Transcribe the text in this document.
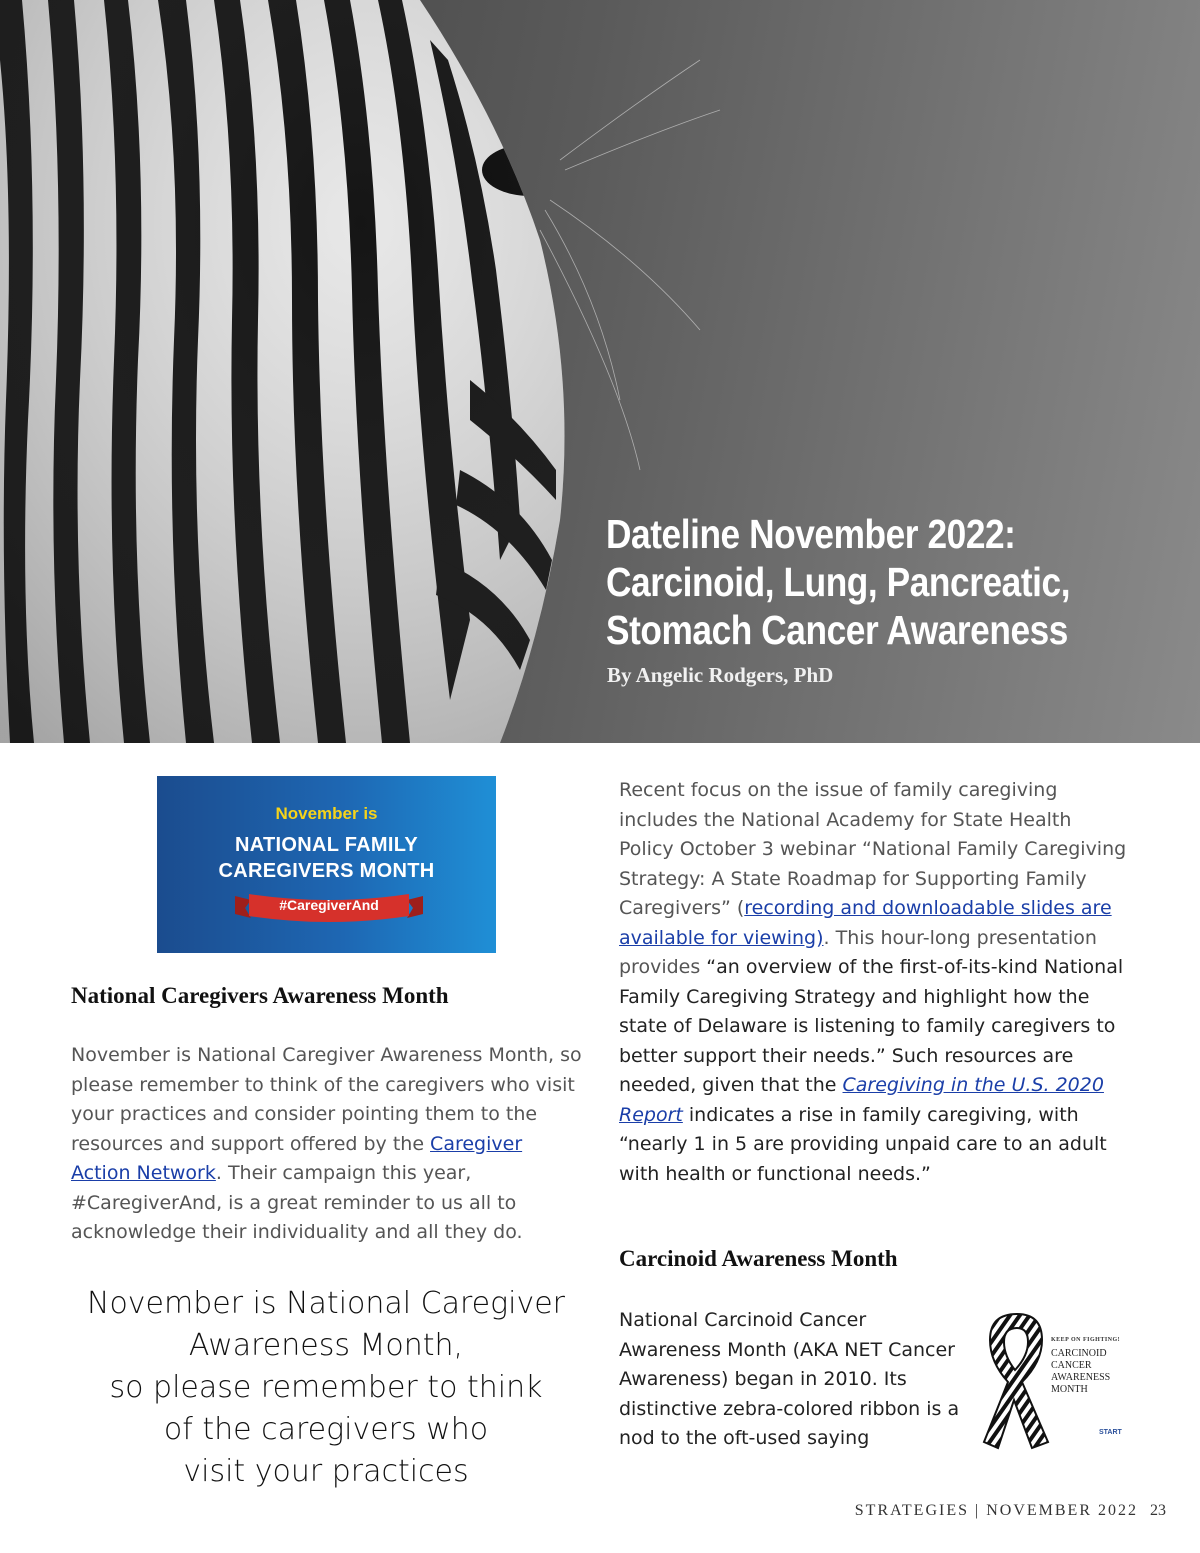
Dateline November 2022:
Carcinoid, Lung, Pancreatic,
Stomach Cancer Awareness
By Angelic Rodgers, PhD
November is
NATIONAL FAMILY
CAREGIVERS MONTH
#CaregiverAnd
National Caregivers Awareness Month
November is National Caregiver Awareness Month, so please remember to think of the caregivers who visit your practices and consider pointing them to the resources and support offered by the Caregiver Action Network. Their campaign this year, #CaregiverAnd, is a great reminder to us all to acknowledge their individuality and all they do.
November is National Caregiver
Awareness Month,
so please remember to think
of the caregivers who
visit your practices
Recent focus on the issue of family caregiving includes the National Academy for State Health Policy October 3 webinar “National Family Caregiving Strategy: A State Roadmap for Supporting Family Caregivers” (recording and downloadable slides are available for viewing). This hour-long presentation provides “an overview of the first-of-its-kind National Family Caregiving Strategy and highlight how the state of Delaware is listening to family caregivers to better support their needs.” Such resources are needed, given that the Caregiving in the U.S. 2020 Report indicates a rise in family caregiving, with “nearly 1 in 5 are providing unpaid care to an adult with health or functional needs.”
Carcinoid Awareness Month
National Carcinoid Cancer Awareness Month (AKA NET Cancer Awareness) began in 2010. Its distinctive zebra-colored ribbon is a nod to the oft-used saying
KEEP ON FIGHTING!
CARCINOID
CANCER
AWARENESS
MONTH
START
STRATEGIES | NOVEMBER 2022 23
